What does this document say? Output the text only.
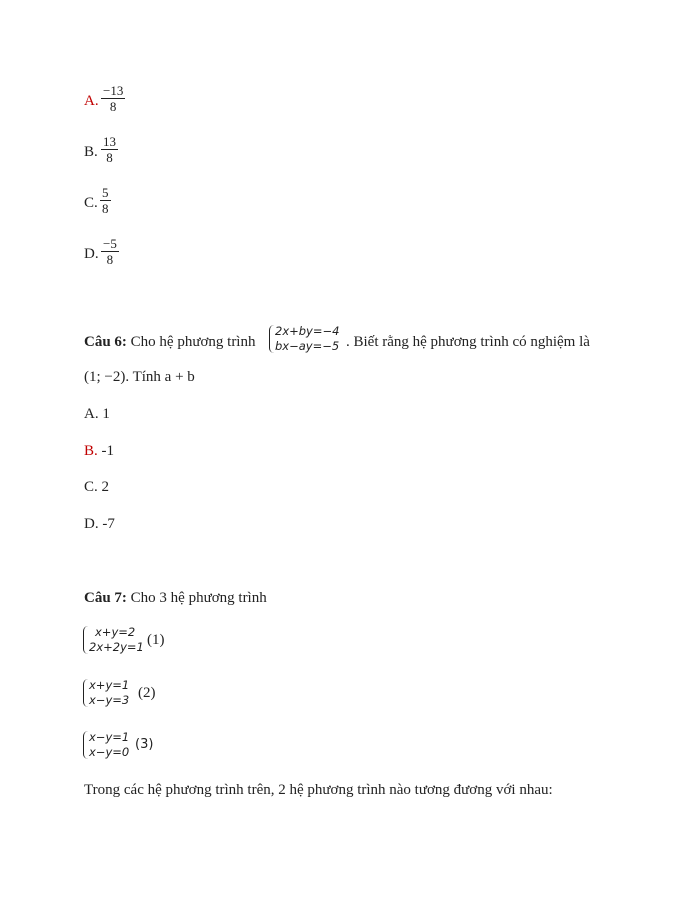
A. $\frac{-13}{8}$
B. $\frac{13}{8}$
C. $\frac{5}{8}$
D. $\frac{-5}{8}$
Câu 6: Cho hệ phương trình
2x+by=−4
bx−ay=−5 . Biết rằng hệ phương trình có nghiệm là
(1; −2). Tính a + b
A. 1
B. -1
C. 2
D. -7
Câu 7: Cho 3 hệ phương trình
x+y=2
2x+2y=1 (1)
x+y=1
x−y=3 (2)
x−y=1
x−y=0 (3)
Trong các hệ phương trình trên, 2 hệ phương trình nào tương đương với nhau:
